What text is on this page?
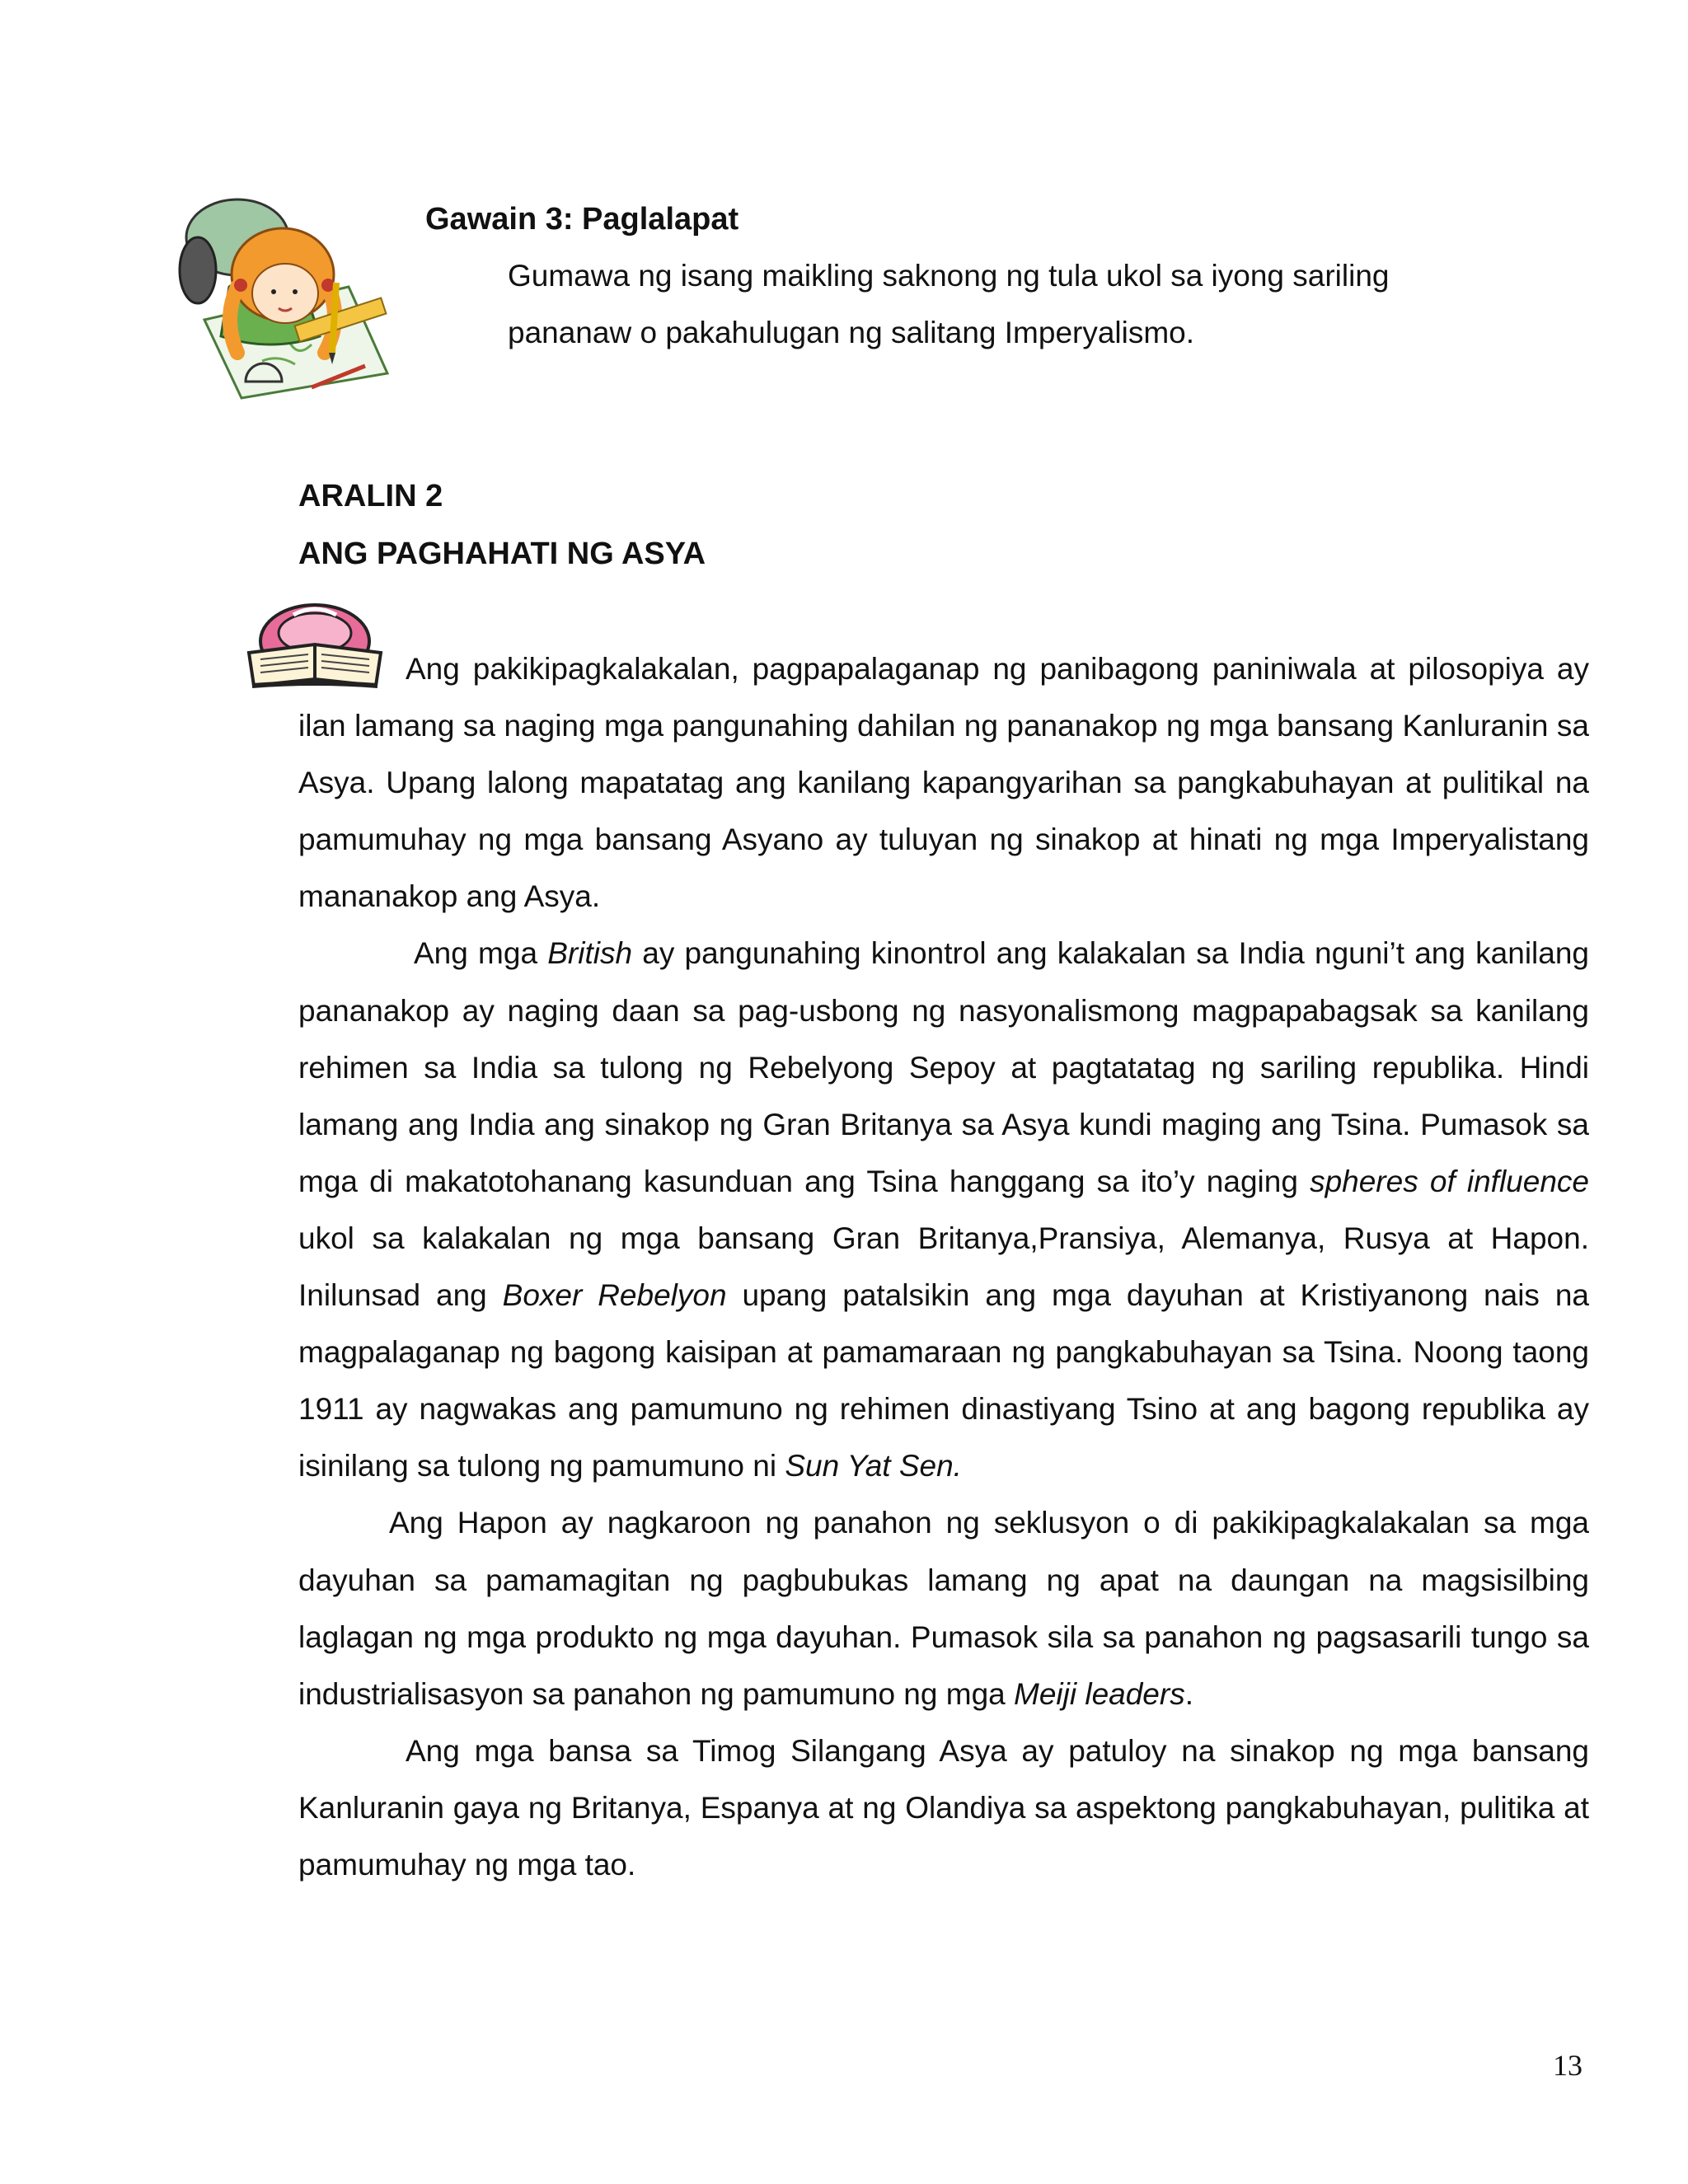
Gawain 3: Paglalapat
Gumawa ng isang maikling saknong ng tula ukol sa iyong sariling
pananaw o pakahulugan ng salitang Imperyalismo.
ARALIN 2
ANG PAGHAHATI NG ASYA

Ang pakikipagkalakalan, pagpapalaganap ng panibagong paniniwala at pilosopiya ay ilan lamang sa naging mga pangunahing dahilan ng pananakop ng mga bansang Kanluranin sa Asya. Upang lalong mapatatag ang kanilang kapangyarihan sa pangkabuhayan at pulitikal na pamumuhay ng mga bansang Asyano ay tuluyan ng sinakop at hinati ng mga Imperyalistang mananakop ang Asya.

Ang mga British ay pangunahing kinontrol ang kalakalan sa India nguni’t ang kanilang pananakop ay naging daan sa pag-usbong ng nasyonalismong magpapabagsak sa kanilang rehimen sa India sa tulong ng Rebelyong Sepoy at pagtatatag ng sariling republika. Hindi lamang ang India ang sinakop ng Gran Britanya sa Asya kundi maging ang Tsina. Pumasok sa mga di makatotohanang kasunduan ang Tsina hanggang sa ito’y naging spheres of influence ukol sa kalakalan ng mga bansang Gran Britanya,Pransiya, Alemanya, Rusya at Hapon. Inilunsad ang Boxer Rebelyon upang patalsikin ang mga dayuhan at Kristiyanong nais na magpalaganap ng bagong kaisipan at pamamaraan ng pangkabuhayan sa Tsina. Noong taong 1911 ay nagwakas ang pamumuno ng rehimen dinastiyang Tsino at ang bagong republika ay isinilang sa tulong ng pamumuno ni Sun Yat Sen.

Ang Hapon ay nagkaroon ng panahon ng seklusyon o di pakikipagkalakalan sa mga dayuhan sa pamamagitan ng pagbubukas lamang ng apat na daungan na magsisilbing laglagan ng mga produkto ng mga dayuhan. Pumasok sila sa panahon ng pagsasarili tungo sa industrialisasyon sa panahon ng pamumuno ng mga Meiji leaders.

Ang mga bansa sa Timog Silangang Asya ay patuloy na sinakop ng mga bansang Kanluranin gaya ng Britanya, Espanya at ng Olandiya sa aspektong pangkabuhayan, pulitika at pamumuhay ng mga tao.

13
